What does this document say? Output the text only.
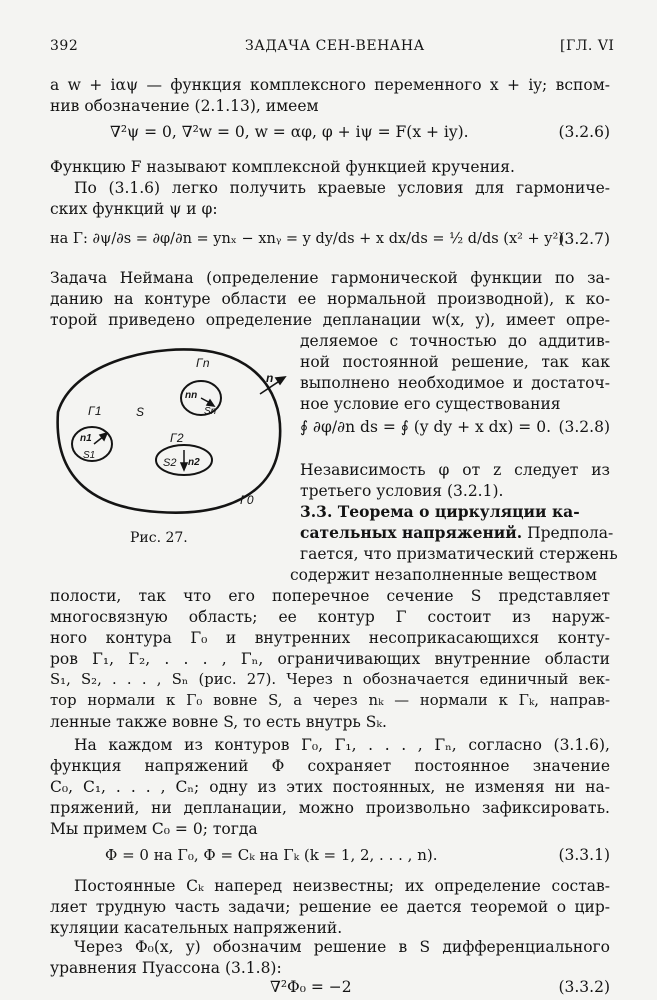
392	ЗАДАЧА СЕН-ВЕНАНА	[ГЛ. VI
а w + iαψ — функция комплексного переменного x + iy; вспом-
нив обозначение (2.1.13), имеем
∇²ψ = 0, ∇²w = 0, w = αφ, φ + iψ = F(x + iy).	(3.2.6)
Функцию F называют комплексной функцией кручения.
По (3.1.6) легко получить краевые условия для гармониче-
ских функций ψ и φ:
на Γ: ∂ψ/∂s = ∂φ/∂n = ynₓ − xnᵧ = y dy/ds + x dx/ds = ½ d/ds (x² + y²).
(3.2.7)
Задача Неймана (определение гармонической функции по за-
данию на контуре области ее нормальной производной), к ко-
торой приведено определение депланации w(x, y), имеет опре-
деляемое с точностью до аддитив-
ной постоянной решение, так как
выполнено необходимое и достаточ-
ное условие его существования
∮ ∂φ/∂n ds = ∮ (y dy + x dx) = 0. (3.2.8)
Независимость φ от z следует из
третьего условия (3.2.1).
3.3. Теорема о циркуляции ка-
сательных напряжений. Предпола-
гается, что призматический стержень
содержит незаполненные веществом
Γn
n
nn
Sn
Γ1	S
n1
S1
Γ2
S2 n2
Γ0
Рис. 27.
полости, так что его поперечное сечение S представляет
многосвязную область; ее контур Γ состоит из наруж-
ного контура Γ₀ и внутренних несоприкасающихся конту-
ров Γ₁, Γ₂, . . . , Γₙ, ограничивающих внутренние области
S₁, S₂, . . . , Sₙ (рис. 27). Через n обозначается единичный век-
тор нормали к Γ₀ вовне S, а через nₖ — нормали к Γₖ, направ-
ленные также вовне S, то есть внутрь Sₖ.
На каждом из контуров Γ₀, Γ₁, . . . , Γₙ, согласно (3.1.6),
функция напряжений Φ сохраняет постоянное значение
C₀, C₁, . . . , Cₙ; одну из этих постоянных, не изменяя ни на-
пряжений, ни депланации, можно произвольно зафиксировать.
Мы примем C₀ = 0; тогда
Φ = 0 на Γ₀, Φ = Cₖ на Γₖ (k = 1, 2, . . . , n).	(3.3.1)
Постоянные Cₖ наперед неизвестны; их определение состав-
ляет трудную часть задачи; решение ее дается теоремой о цир-
куляции касательных напряжений.
Через Φ₀(x, y) обозначим решение в S дифференциального
уравнения Пуассона (3.1.8):
∇²Φ₀ = −2	(3.3.2)
